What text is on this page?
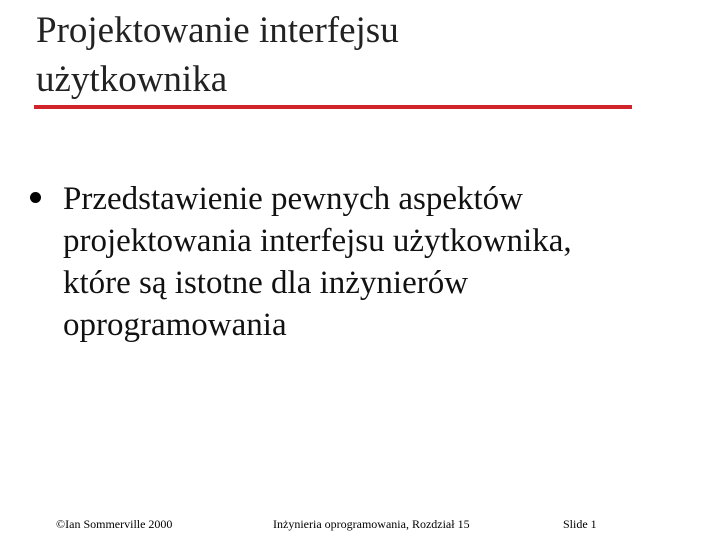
Projektowanie interfejsu
użytkownika
Przedstawienie pewnych aspektów
projektowania interfejsu użytkownika,
które są istotne dla inżynierów
oprogramowania
©Ian Sommerville 2000	Inżynieria oprogramowania, Rozdział 15	Slide 1
